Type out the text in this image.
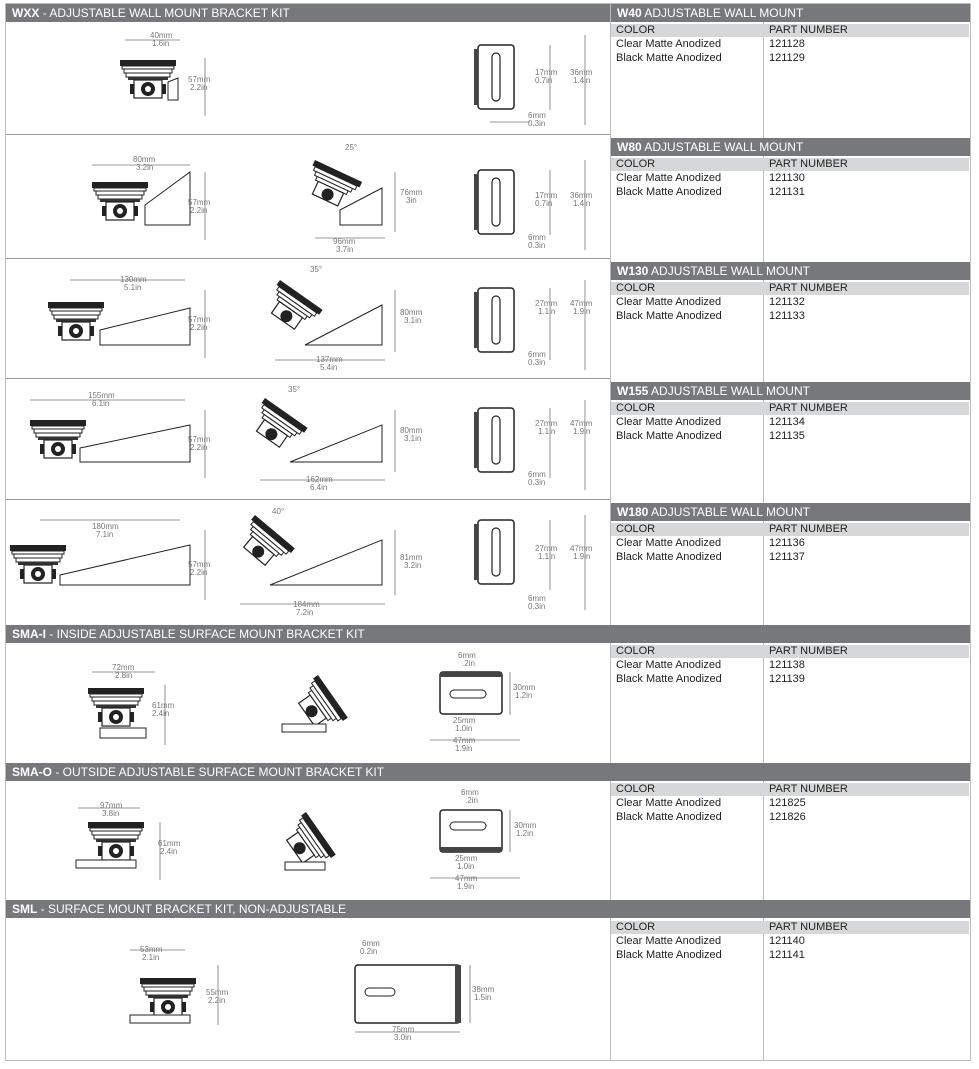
WXX - ADJUSTABLE WALL MOUNT BRACKET KIT
SMA-I - INSIDE ADJUSTABLE SURFACE MOUNT BRACKET KIT
SMA-O - OUTSIDE ADJUSTABLE SURFACE MOUNT BRACKET KIT
SML - SURFACE MOUNT BRACKET KIT, NON-ADJUSTABLE
W40 ADJUSTABLE WALL MOUNT
W80 ADJUSTABLE WALL MOUNT
W130 ADJUSTABLE WALL MOUNT
W155 ADJUSTABLE WALL MOUNT
W180 ADJUSTABLE WALL MOUNT
COLOR	PART NUMBER
Clear Matte Anodized	121128
Black Matte Anodized	121129
COLOR	PART NUMBER
Clear Matte Anodized	121130
Black Matte Anodized	121131
COLOR	PART NUMBER
Clear Matte Anodized	121132
Black Matte Anodized	121133
COLOR	PART NUMBER
Clear Matte Anodized	121134
Black Matte Anodized	121135
COLOR	PART NUMBER
Clear Matte Anodized	121136
Black Matte Anodized	121137
COLOR	PART NUMBER
Clear Matte Anodized	121138
Black Matte Anodized	121139
COLOR	PART NUMBER
Clear Matte Anodized	121825
Black Matte Anodized	121826
COLOR	PART NUMBER
Clear Matte Anodized	121140
Black Matte Anodized	121141
40mm
1.6in
57mm
2.2in
17mm
0.7in
36mm
1.4in
6mm
0.3in
80mm
3.2in
57mm
2.2in
25°
76mm
3in
96mm
3.7in
17mm
0.7in
36mm
1.4in
6mm
0.3in
130mm
5.1in
57mm
2.2in
35°
80mm
3.1in
137mm
5.4in
27mm
1.1in
47mm
1.9in
6mm
0.3in
155mm
6.1in
57mm
2.2in
35°
80mm
3.1in
162mm
6.4in
27mm
1.1in
47mm
1.9in
6mm
0.3in
180mm
7.1in
57mm
2.2in
40°
81mm
3.2in
184mm
7.2in
27mm
1.1in
47mm
1.9in
6mm
0.3in
72mm
2.8in
61mm
2.4in
6mm
.2in
30mm
1.2in
25mm
1.0in
47mm
1.9in
97mm
3.8in
61mm
2.4in
6mm
.2in
30mm
1.2in
25mm
1.0in
47mm
1.9in
53mm
2.1in
55mm
2.2in
6mm
0.2in
38mm
1.5in
75mm
3.0in
